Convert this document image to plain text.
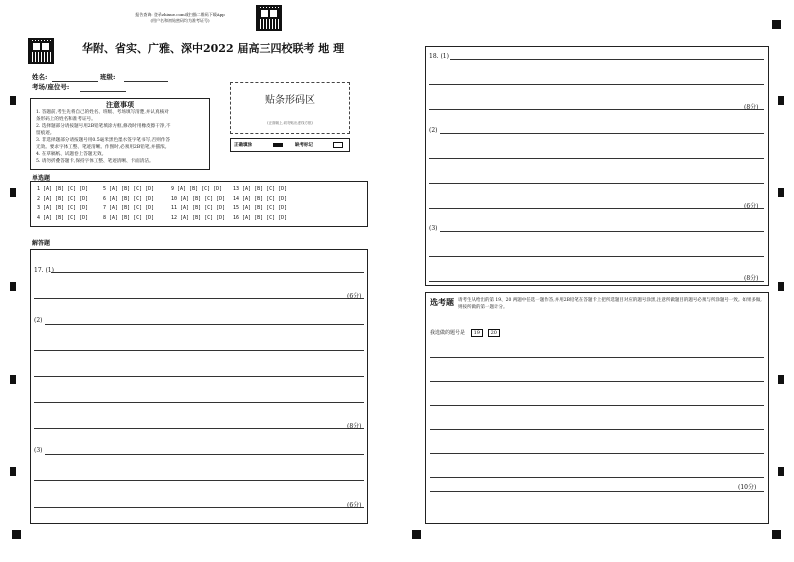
报告查询: 登录zhixue.com或扫描二维码下载App
(用户名和初始密码均为准考证号)
华附、省实、广雅、深中2022 届高三四校联考 地 理
姓名:	班级:
考场/座位号:
注意事项
1. 答题前,考生先将自己的姓名、班级、考场填写清楚,并认真核对
条形码上的姓名和准考证号。
2. 选择题部分请按题号用2B铅笔填涂方框,修改时用橡皮擦干净,不
留痕迹。
3. 非选择题部分请按题号用0.5毫米黑色墨水签字笔书写,否则作答
无效。要求字体工整、笔迹清晰。作图时,必须用2B铅笔,并描浓。
4. 在草稿纸、试题卷上答题无效。
5. 请勿折叠答题卡,保持字体工整、笔迹清晰、卡面清洁。
贴条形码区
(正面朝上,切勿贴出虚线方框)
正确填涂	缺考标记
单选题
1 [A] [B] [C] [D]	5 [A] [B] [C] [D]	9 [A] [B] [C] [D] 13 [A] [B] [C] [D]
2 [A] [B] [C] [D]	6 [A] [B] [C] [D]	10 [A] [B] [C] [D] 14 [A] [B] [C] [D]
3 [A] [B] [C] [D]	7 [A] [B] [C] [D]	11 [A] [B] [C] [D] 15 [A] [B] [C] [D]
4 [A] [B] [C] [D]	8 [A] [B] [C] [D]	12 [A] [B] [C] [D] 16 [A] [B] [C] [D]
解答题
17. (1)
(6分)
(2)
(8分)
(3)
(6分)
18. (1)
(8分)
(2)
(6分)
(3)
(8分)
选考题 请考生从给出的第 19、20 两题中任选一题作答,并用2B铅笔在答题卡上把所选题目对应的题号涂黑,注意所做题目的题号必须与所涂题号一致。如果多做,则按所做的第一题计分。
我选做的题号是 19 20
(10分)
